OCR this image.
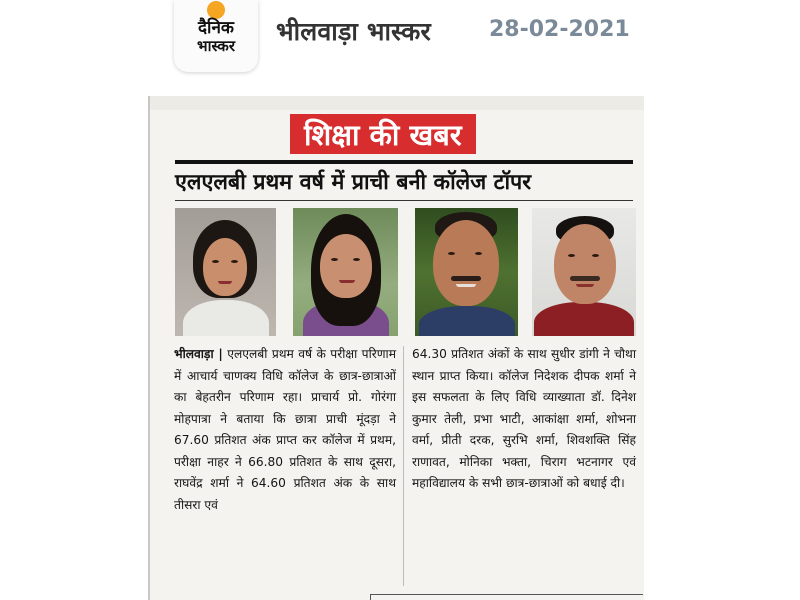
दैनिक
भास्कर	भीलवाड़ा भास्कर	28-02-2021
शिक्षा की खबर
एलएलबी प्रथम वर्ष में प्राची बनी कॉलेज टॉपर
भीलवाड़ा | एलएलबी प्रथम वर्ष के परीक्षा परिणाम में आचार्य चाणक्य विधि कॉलेज के छात्र-छात्राओं का बेहतरीन परिणाम रहा। प्राचार्य प्रो. गोरंगा मोहपात्रा ने बताया कि छात्रा प्राची मूंदड़ा ने 67.60 प्रतिशत अंक प्राप्त कर कॉलेज में प्रथम, परीक्षा नाहर ने 66.80 प्रतिशत के साथ दूसरा, राघवेंद्र शर्मा ने 64.60 प्रतिशत अंक के साथ तीसरा एवं
64.30 प्रतिशत अंकों के साथ सुधीर डांगी ने चौथा स्थान प्राप्त किया। कॉलेज निदेशक दीपक शर्मा ने इस सफलता के लिए विधि व्याख्याता डॉ. दिनेश कुमार तेली, प्रभा भाटी, आकांक्षा शर्मा, शोभना वर्मा, प्रीती दरक, सुरभि शर्मा, शिवशक्ति सिंह राणावत, मोनिका भक्ता, चिराग भटनागर एवं महाविद्यालय के सभी छात्र-छात्राओं को बधाई दी।
